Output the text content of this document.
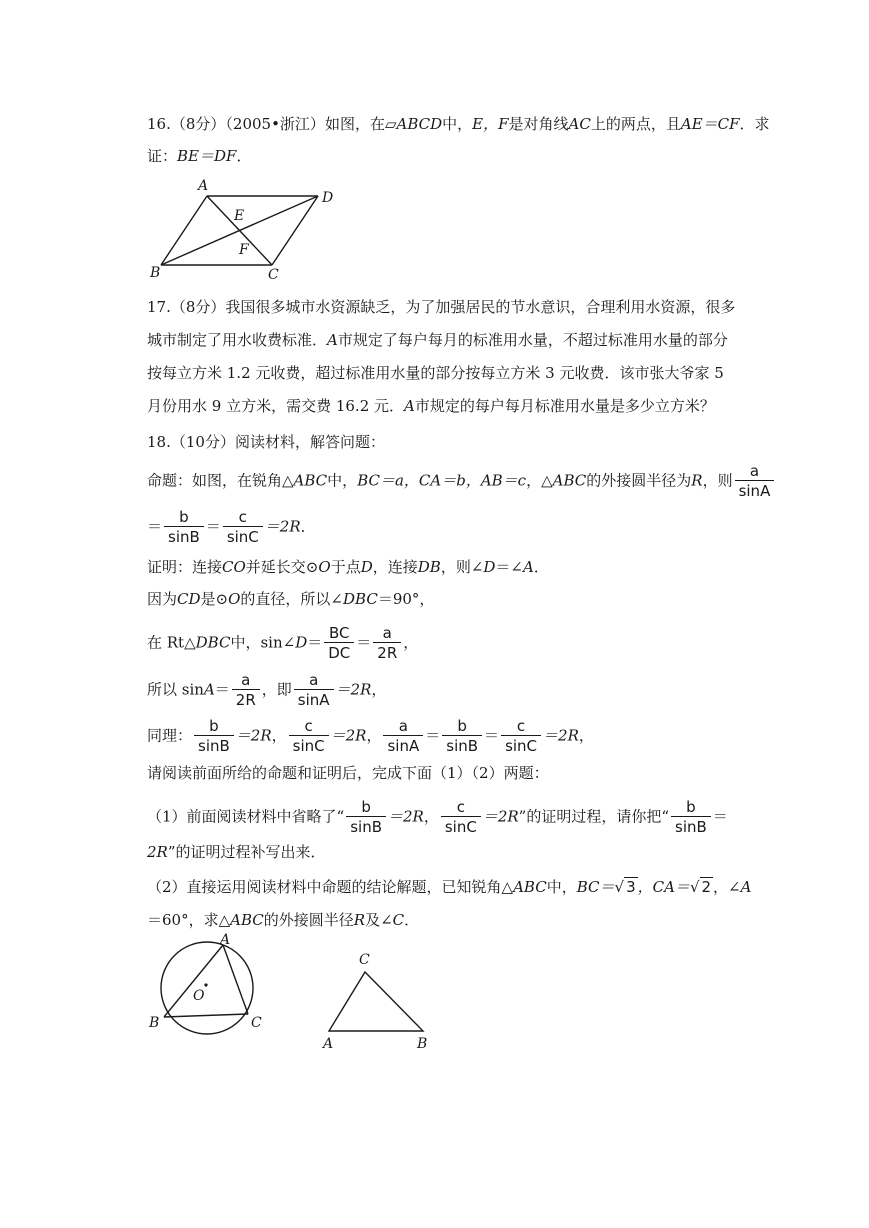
16.（8分）（2005•浙江）如图，在▱ABCD中，E，F是对角线AC上的两点，且AE＝CF．求
证：BE＝DF．
A
D
E
F
B	C
17.（8分）我国很多城市水资源缺乏，为了加强居民的节水意识，合理利用水资源，很多
城市制定了用水收费标准．A市规定了每户每月的标准用水量，不超过标准用水量的部分
按每立方米 1.2 元收费，超过标准用水量的部分按每立方米 3 元收费．该市张大爷家 5
月份用水 9 立方米，需交费 16.2 元．A市规定的每户每月标准用水量是多少立方米？
18.（10分）阅读材料，解答问题：
命题：如图，在锐角△ABC中，BC＝a，CA＝b，AB＝c，△ABC的外接圆半径为R，则 $\frac{a}{\sin A}$
＝ $\frac{b}{\sin B} = \frac{c}{\sin C} =2R$．
证明：连接CO并延长交⊙O于点D，连接DB，则∠D＝∠A．
因为CD是⊙O的直径，所以∠DBC＝90°，
在 Rt△DBC中，sin∠D＝ $\frac{BC}{DC} = \frac{a}{2R}$ ，
所以 $\sin A= \frac{a}{2R}$ ，即 $\frac{a}{\sin A} =2R$，
同理： $\frac{b}{\sin B} =2R$， $\frac{c}{\sin C} =2R$， $\frac{a}{\sin A} = \frac{b}{\sin B} = \frac{c}{\sin C} =2R$，
请阅读前面所给的命题和证明后，完成下面（1）（2）两题：
（1）前面阅读材料中省略了“ $\frac{b}{\sin B} =2R$， $\frac{c}{\sin C} =2R$”的证明过程，请你把“ $\frac{b}{\sin B}$ ＝
2R”的证明过程补写出来．
（2）直接运用阅读材料中命题的结论解题，已知锐角△ABC中，BC＝√ 3 ，CA＝√ 2 ，∠A
＝60°，求△ABC的外接圆半径R及∠C．
A
O
B	C
C
A	B
